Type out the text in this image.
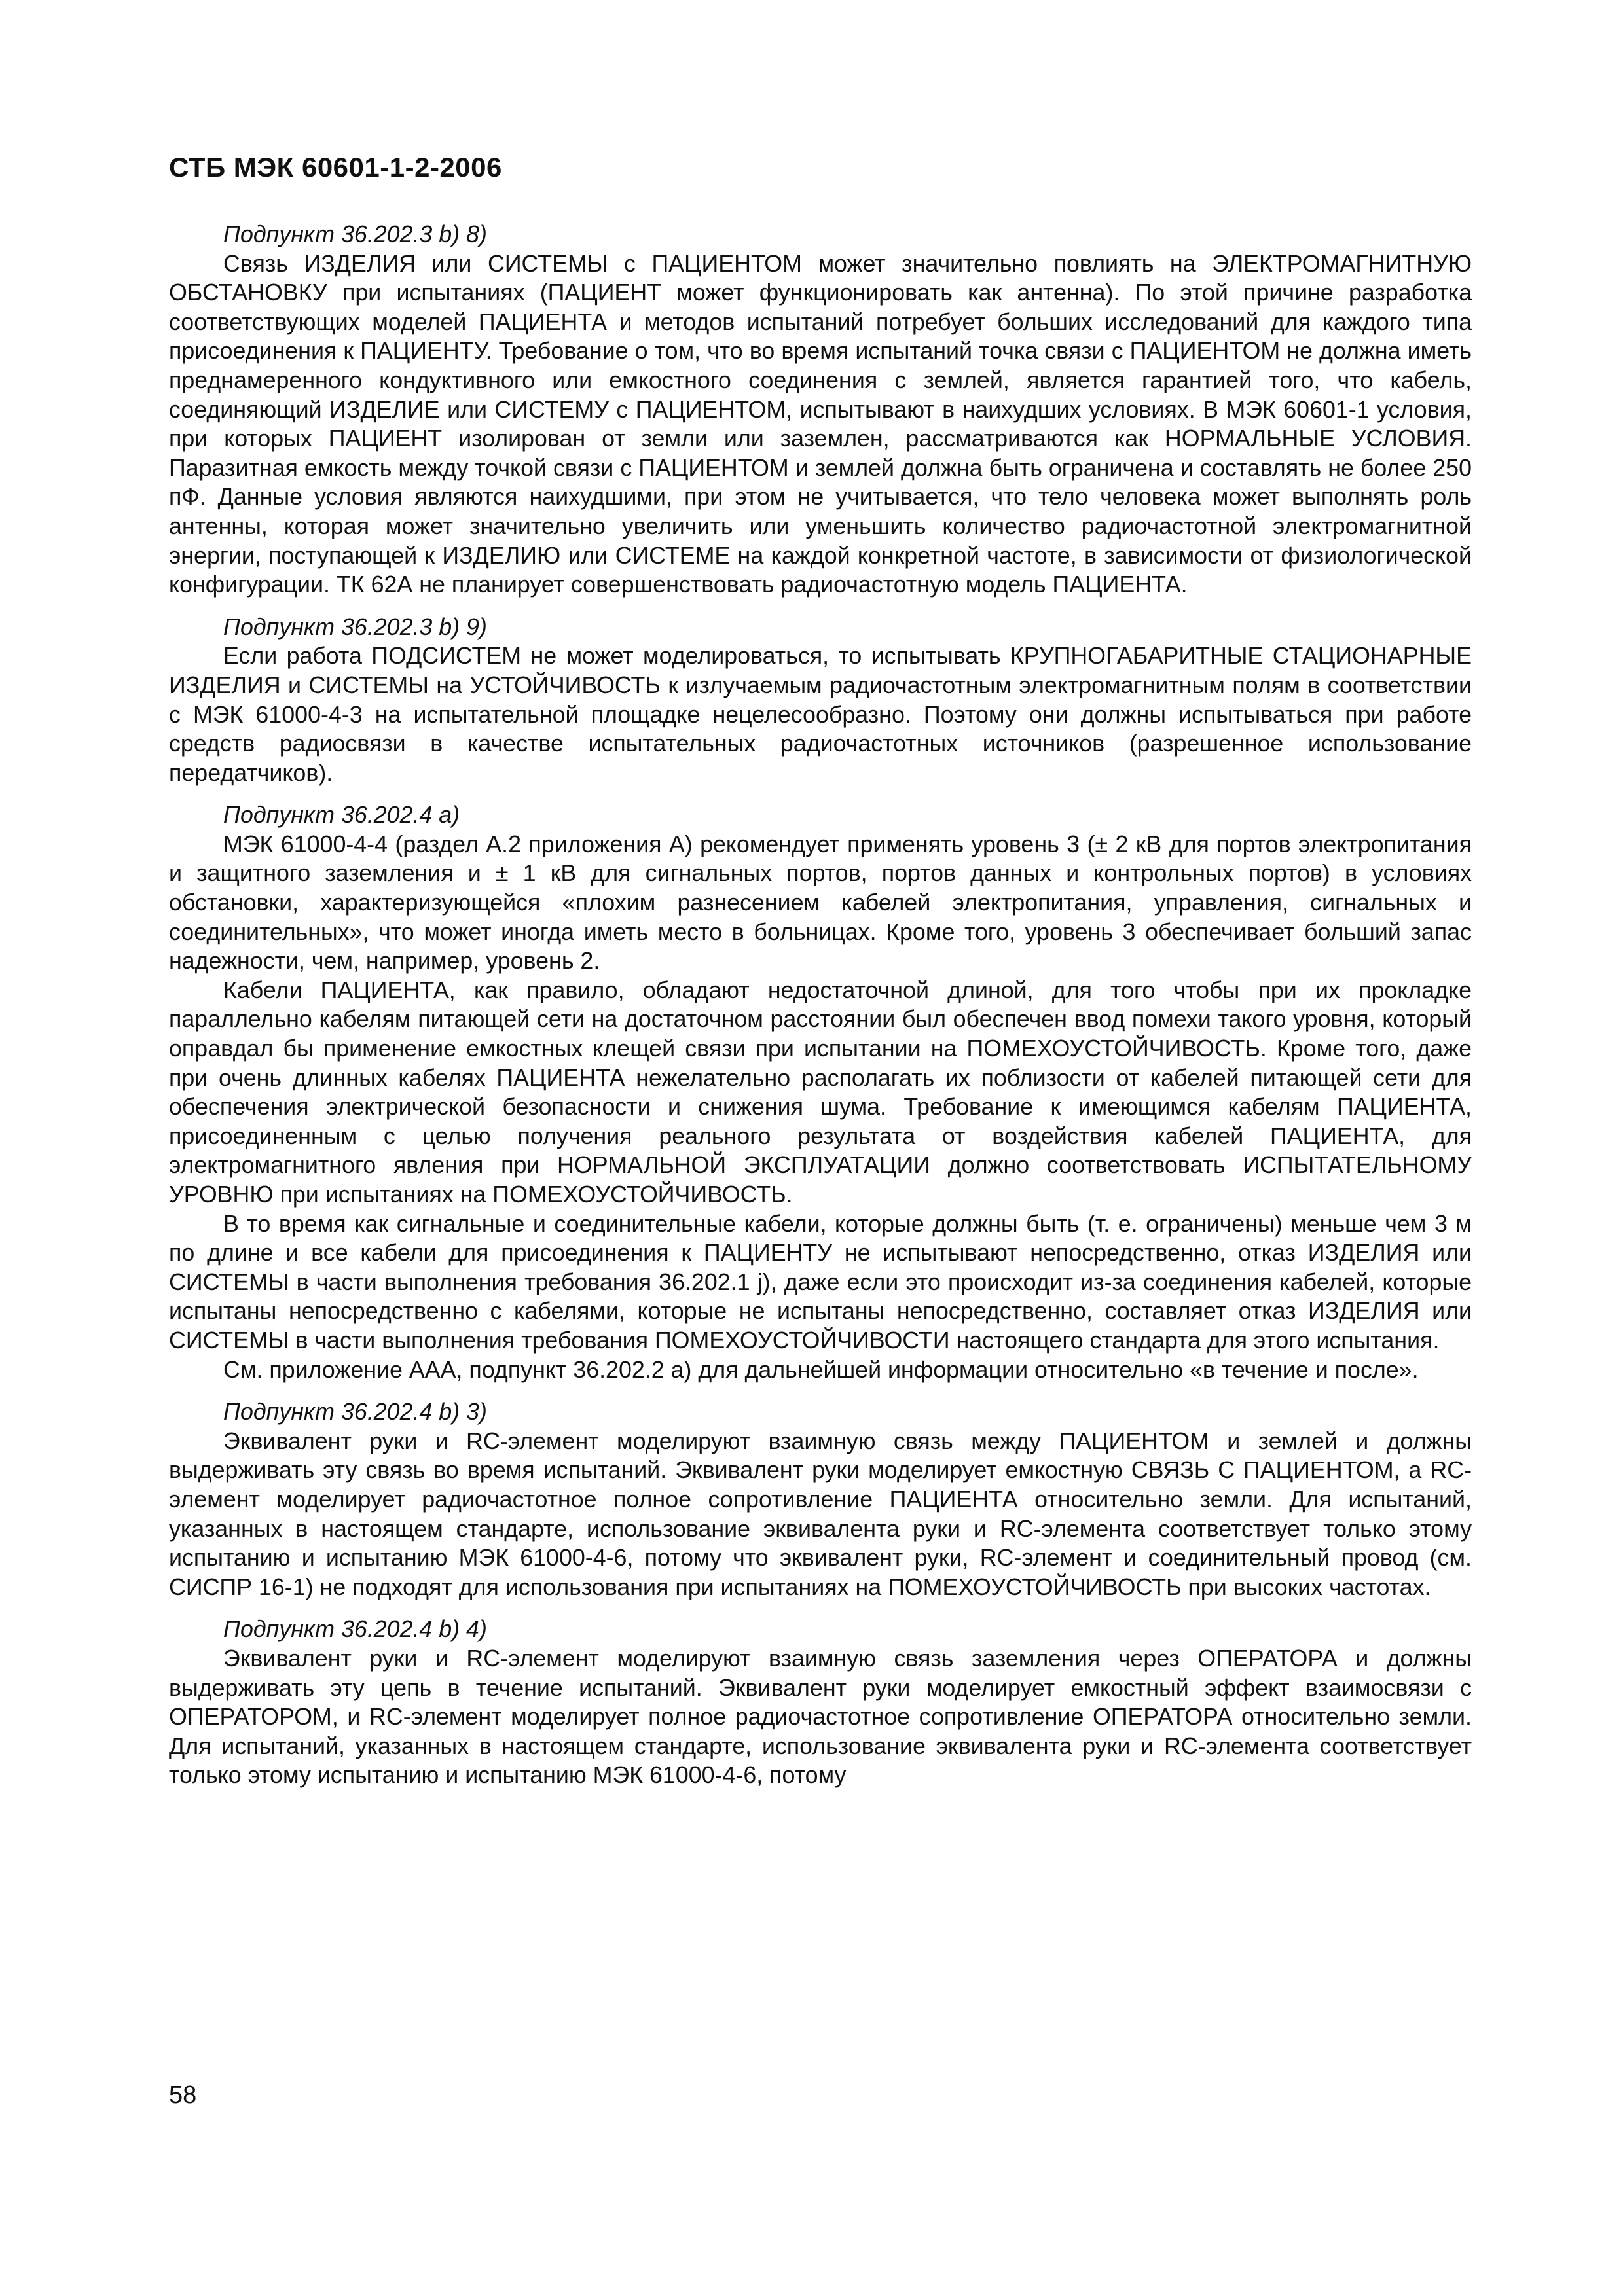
СТБ МЭК 60601-1-2-2006

Подпункт 36.202.3 b) 8)

Связь ИЗДЕЛИЯ или СИСТЕМЫ с ПАЦИЕНТОМ может значительно повлиять на ЭЛЕКТРОМАГНИТНУЮ ОБСТАНОВКУ при испытаниях (ПАЦИЕНТ может функционировать как антенна). По этой причине разработка соответствующих моделей ПАЦИЕНТА и методов испытаний потребует больших исследований для каждого типа присоединения к ПАЦИЕНТУ. Требование о том, что во время испытаний точка связи с ПАЦИЕНТОМ не должна иметь преднамеренного кондуктивного или емкостного соединения с землей, является гарантией того, что кабель, соединяющий ИЗДЕЛИЕ или СИСТЕМУ с ПАЦИЕНТОМ, испытывают в наихудших условиях. В МЭК 60601-1 условия, при которых ПАЦИЕНТ изолирован от земли или заземлен, рассматриваются как НОРМАЛЬНЫЕ УСЛОВИЯ. Паразитная емкость между точкой связи с ПАЦИЕНТОМ и землей должна быть ограничена и составлять не более 250 пФ. Данные условия являются наихудшими, при этом не учитывается, что тело человека может выполнять роль антенны, которая может значительно увеличить или уменьшить количество радиочастотной электромагнитной энергии, поступающей к ИЗДЕЛИЮ или СИСТЕМЕ на каждой конкретной частоте, в зависимости от физиологической конфигурации. ТК 62А не планирует совершенствовать радиочастотную модель ПАЦИЕНТА.

Подпункт 36.202.3 b) 9)

Если работа ПОДСИСТЕМ не может моделироваться, то испытывать КРУПНОГАБАРИТНЫЕ СТАЦИОНАРНЫЕ ИЗДЕЛИЯ и СИСТЕМЫ на УСТОЙЧИВОСТЬ к излучаемым радиочастотным электромагнитным полям в соответствии с МЭК 61000-4-3 на испытательной площадке нецелесообразно. Поэтому они должны испытываться при работе средств радиосвязи в качестве испытательных радиочастотных источников (разрешенное использование передатчиков).

Подпункт 36.202.4 а)

МЭК 61000-4-4 (раздел А.2 приложения А) рекомендует применять уровень 3 (± 2 кВ для портов электропитания и защитного заземления и ± 1 кВ для сигнальных портов, портов данных и контрольных портов) в условиях обстановки, характеризующейся «плохим разнесением кабелей электропитания, управления, сигнальных и соединительных», что может иногда иметь место в больницах. Кроме того, уровень 3 обеспечивает больший запас надежности, чем, например, уровень 2.

Кабели ПАЦИЕНТА, как правило, обладают недостаточной длиной, для того чтобы при их прокладке параллельно кабелям питающей сети на достаточном расстоянии был обеспечен ввод помехи такого уровня, который оправдал бы применение емкостных клещей связи при испытании на ПОМЕХОУСТОЙЧИВОСТЬ. Кроме того, даже при очень длинных кабелях ПАЦИЕНТА нежелательно располагать их поблизости от кабелей питающей сети для обеспечения электрической безопасности и снижения шума. Требование к имеющимся кабелям ПАЦИЕНТА, присоединенным с целью получения реального результата от воздействия кабелей ПАЦИЕНТА, для электромагнитного явления при НОРМАЛЬНОЙ ЭКСПЛУАТАЦИИ должно соответствовать ИСПЫТАТЕЛЬНОМУ УРОВНЮ при испытаниях на ПОМЕХОУСТОЙЧИВОСТЬ.

В то время как сигнальные и соединительные кабели, которые должны быть (т. е. ограничены) меньше чем 3 м по длине и все кабели для присоединения к ПАЦИЕНТУ не испытывают непосредственно, отказ ИЗДЕЛИЯ или СИСТЕМЫ в части выполнения требования 36.202.1 j), даже если это происходит из-за соединения кабелей, которые испытаны непосредственно с кабелями, которые не испытаны непосредственно, составляет отказ ИЗДЕЛИЯ или СИСТЕМЫ в части выполнения требования ПОМЕХОУСТОЙЧИВОСТИ настоящего стандарта для этого испытания.

См. приложение ААА, подпункт 36.202.2 а) для дальнейшей информации относительно «в течение и после».

Подпункт 36.202.4 b) 3)

Эквивалент руки и RC-элемент моделируют взаимную связь между ПАЦИЕНТОМ и землей и должны выдерживать эту связь во время испытаний. Эквивалент руки моделирует емкостную СВЯЗЬ С ПАЦИЕНТОМ, а RC-элемент моделирует радиочастотное полное сопротивление ПАЦИЕНТА относительно земли. Для испытаний, указанных в настоящем стандарте, использование эквивалента руки и RC-элемента соответствует только этому испытанию и испытанию МЭК 61000-4-6, потому что эквивалент руки, RC-элемент и соединительный провод (см. СИСПР 16-1) не подходят для использования при испытаниях на ПОМЕХОУСТОЙЧИВОСТЬ при высоких частотах.

Подпункт 36.202.4 b) 4)

Эквивалент руки и RC-элемент моделируют взаимную связь заземления через ОПЕРАТОРА и должны выдерживать эту цепь в течение испытаний. Эквивалент руки моделирует емкостный эффект взаимосвязи с ОПЕРАТОРОМ, и RC-элемент моделирует полное радиочастотное сопротивление ОПЕРАТОРА относительно земли. Для испытаний, указанных в настоящем стандарте, использование эквивалента руки и RC-элемента соответствует только этому испытанию и испытанию МЭК 61000-4-6, потому

58
